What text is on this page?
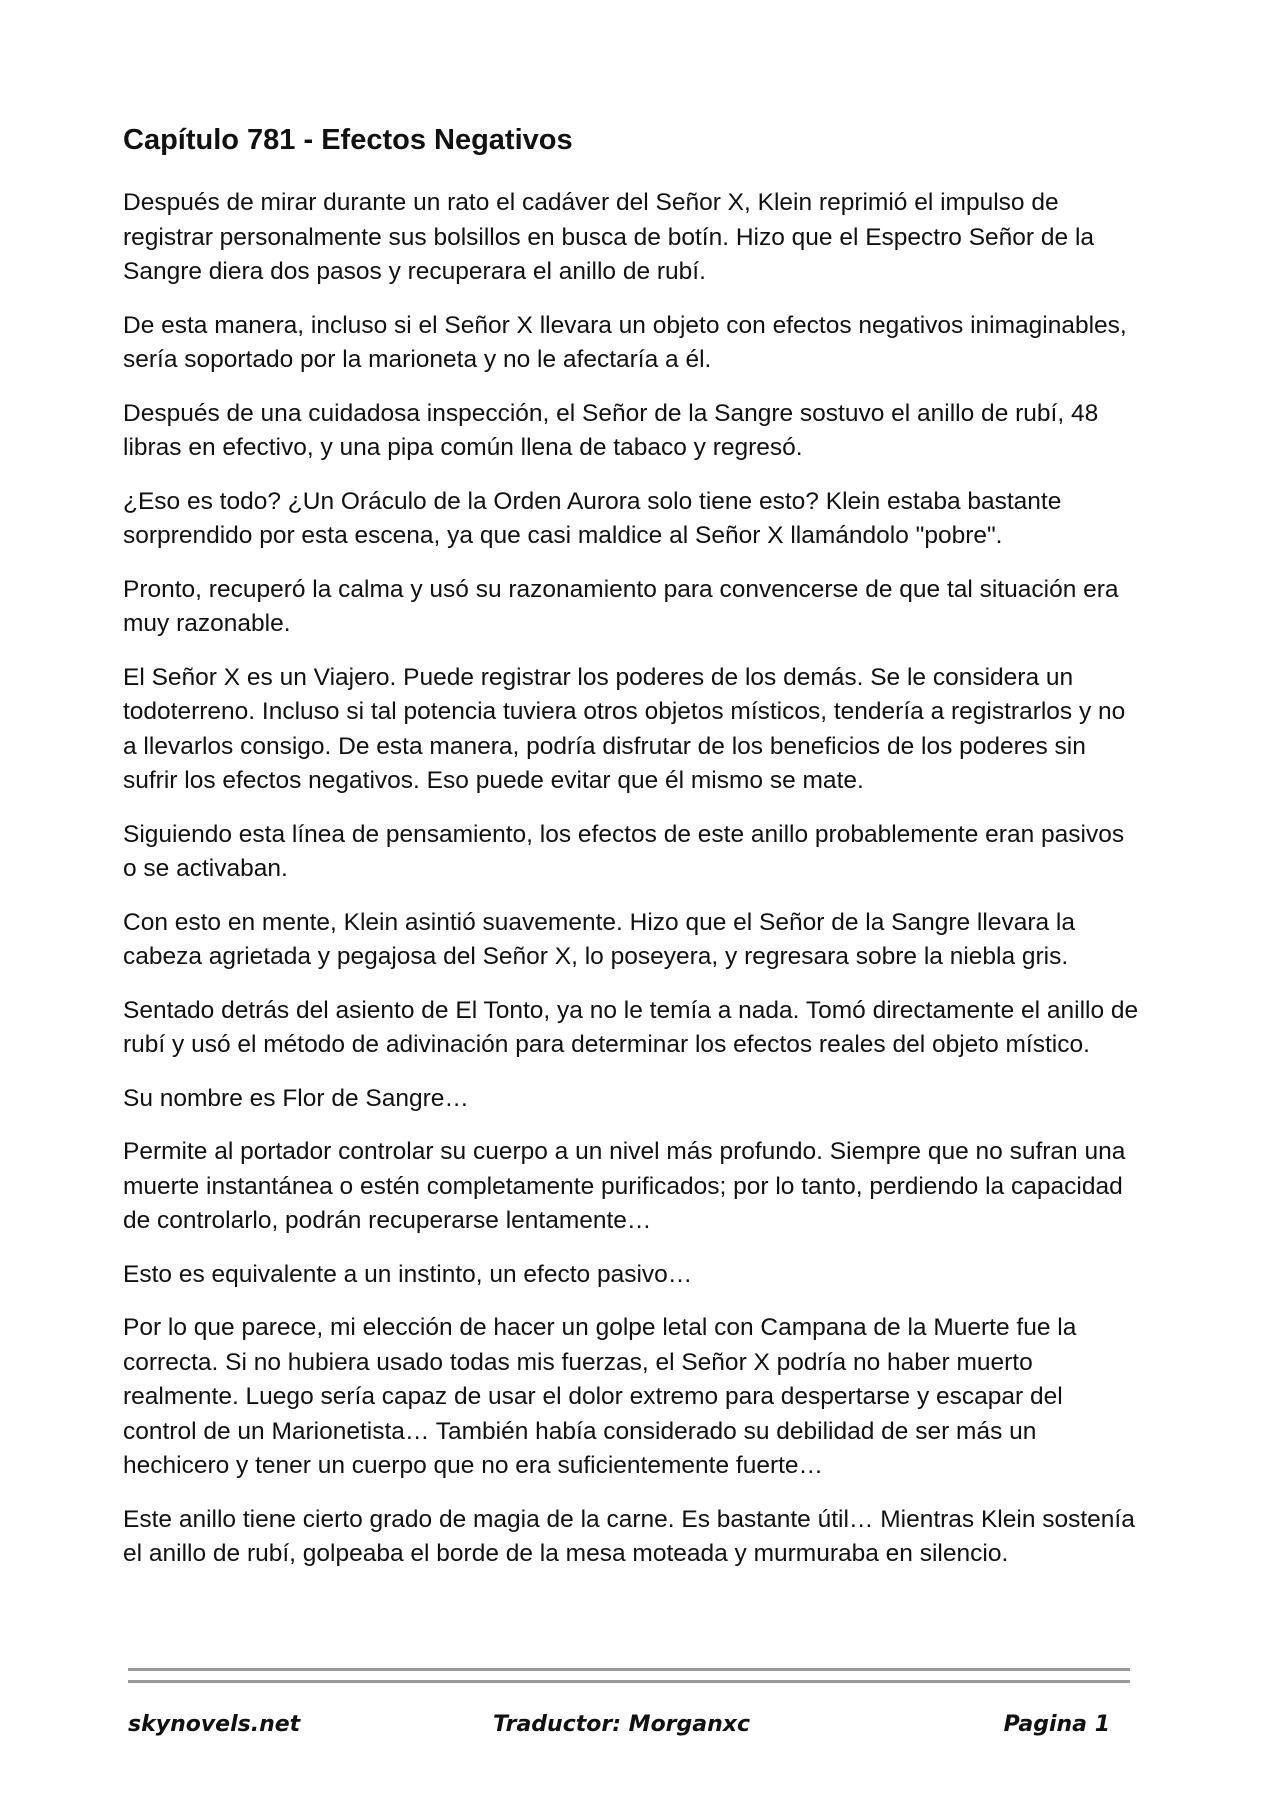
Capítulo 781 - Efectos Negativos

Después de mirar durante un rato el cadáver del Señor X, Klein reprimió el impulso de registrar personalmente sus bolsillos en busca de botín. Hizo que el Espectro Señor de la Sangre diera dos pasos y recuperara el anillo de rubí.

De esta manera, incluso si el Señor X llevara un objeto con efectos negativos inimaginables, sería soportado por la marioneta y no le afectaría a él.

Después de una cuidadosa inspección, el Señor de la Sangre sostuvo el anillo de rubí, 48 libras en efectivo, y una pipa común llena de tabaco y regresó.

¿Eso es todo? ¿Un Oráculo de la Orden Aurora solo tiene esto? Klein estaba bastante sorprendido por esta escena, ya que casi maldice al Señor X llamándolo "pobre".

Pronto, recuperó la calma y usó su razonamiento para convencerse de que tal situación era muy razonable.

El Señor X es un Viajero. Puede registrar los poderes de los demás. Se le considera un todoterreno. Incluso si tal potencia tuviera otros objetos místicos, tendería a registrarlos y no a llevarlos consigo. De esta manera, podría disfrutar de los beneficios de los poderes sin sufrir los efectos negativos. Eso puede evitar que él mismo se mate.

Siguiendo esta línea de pensamiento, los efectos de este anillo probablemente eran pasivos o se activaban.

Con esto en mente, Klein asintió suavemente. Hizo que el Señor de la Sangre llevara la cabeza agrietada y pegajosa del Señor X, lo poseyera, y regresara sobre la niebla gris.

Sentado detrás del asiento de El Tonto, ya no le temía a nada. Tomó directamente el anillo de rubí y usó el método de adivinación para determinar los efectos reales del objeto místico.

Su nombre es Flor de Sangre…

Permite al portador controlar su cuerpo a un nivel más profundo. Siempre que no sufran una muerte instantánea o estén completamente purificados; por lo tanto, perdiendo la capacidad de controlarlo, podrán recuperarse lentamente…

Esto es equivalente a un instinto, un efecto pasivo…

Por lo que parece, mi elección de hacer un golpe letal con Campana de la Muerte fue la correcta. Si no hubiera usado todas mis fuerzas, el Señor X podría no haber muerto realmente. Luego sería capaz de usar el dolor extremo para despertarse y escapar del control de un Marionetista… También había considerado su debilidad de ser más un hechicero y tener un cuerpo que no era suficientemente fuerte…

Este anillo tiene cierto grado de magia de la carne. Es bastante útil… Mientras Klein sostenía el anillo de rubí, golpeaba el borde de la mesa moteada y murmuraba en silencio.

skynovels.net	Traductor: Morganxc	Pagina 1
